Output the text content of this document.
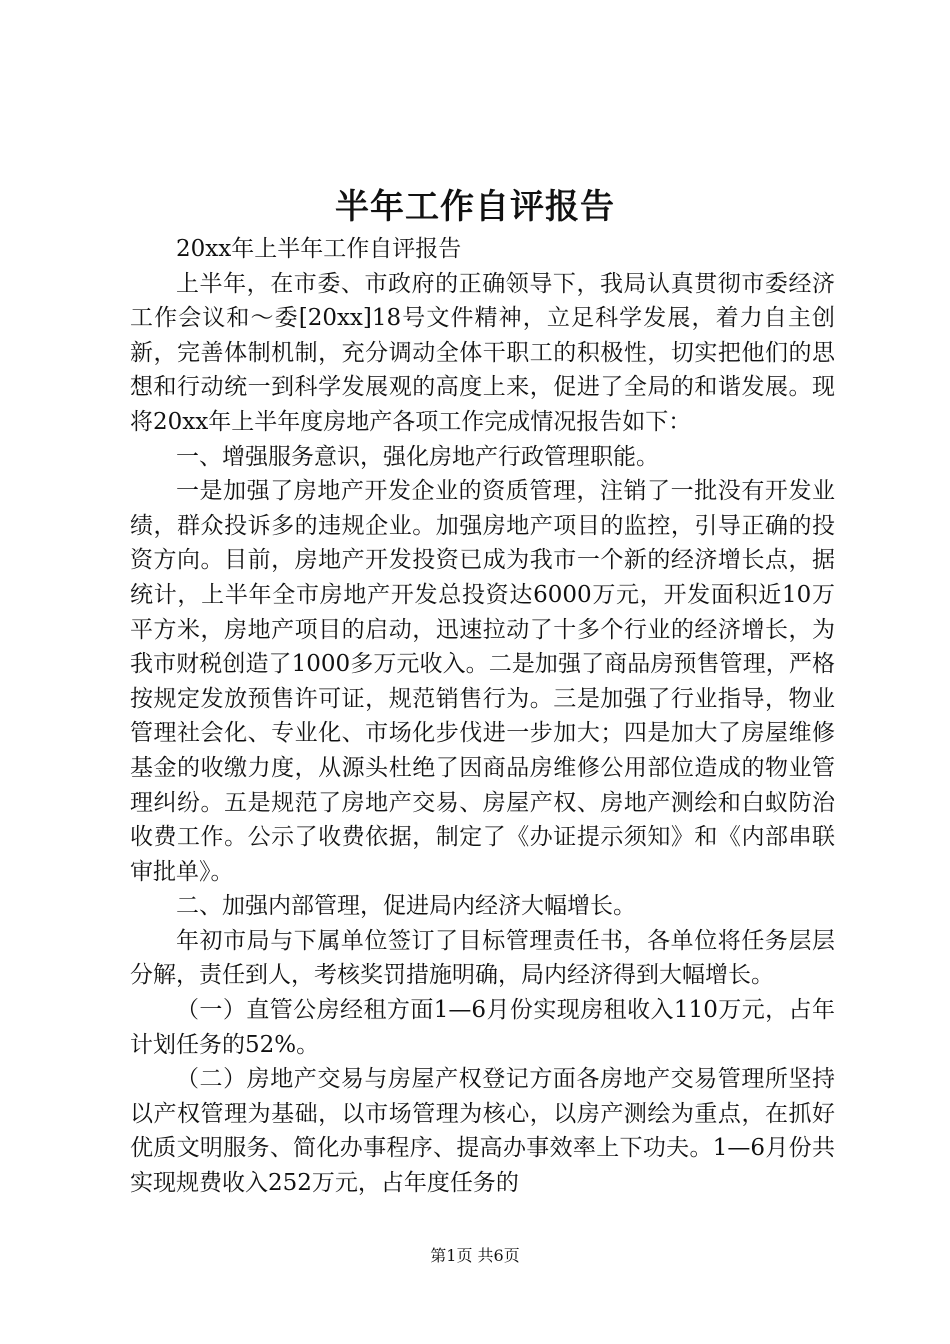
半年工作自评报告

20xx年上半年工作自评报告

上半年，在市委、市政府的正确领导下，我局认真贯彻市委经济工作会议和～委[20xx]18号文件精神，立足科学发展，着力自主创新，完善体制机制，充分调动全体干职工的积极性，切实把他们的思想和行动统一到科学发展观的高度上来，促进了全局的和谐发展。现将20xx年上半年度房地产各项工作完成情况报告如下：

一、增强服务意识，强化房地产行政管理职能。

一是加强了房地产开发企业的资质管理，注销了一批没有开发业绩，群众投诉多的违规企业。加强房地产项目的监控，引导正确的投资方向。目前，房地产开发投资已成为我市一个新的经济增长点，据统计，上半年全市房地产开发总投资达6000万元，开发面积近10万平方米，房地产项目的启动，迅速拉动了十多个行业的经济增长，为我市财税创造了1000多万元收入。二是加强了商品房预售管理，严格按规定发放预售许可证，规范销售行为。三是加强了行业指导，物业管理社会化、专业化、市场化步伐进一步加大；四是加大了房屋维修基金的收缴力度，从源头杜绝了因商品房维修公用部位造成的物业管理纠纷。五是规范了房地产交易、房屋产权、房地产测绘和白蚁防治收费工作。公示了收费依据，制定了《办证提示须知》和《内部串联审批单》。

二、加强内部管理，促进局内经济大幅增长。

年初市局与下属单位签订了目标管理责任书，各单位将任务层层分解，责任到人，考核奖罚措施明确，局内经济得到大幅增长。

（一）直管公房经租方面1—6月份实现房租收入110万元，占年计划任务的52%。

（二）房地产交易与房屋产权登记方面各房地产交易管理所坚持以产权管理为基础，以市场管理为核心，以房产测绘为重点，在抓好优质文明服务、简化办事程序、提高办事效率上下功夫。1—6月份共实现规费收入252万元，占年度任务的

第1页 共6页
